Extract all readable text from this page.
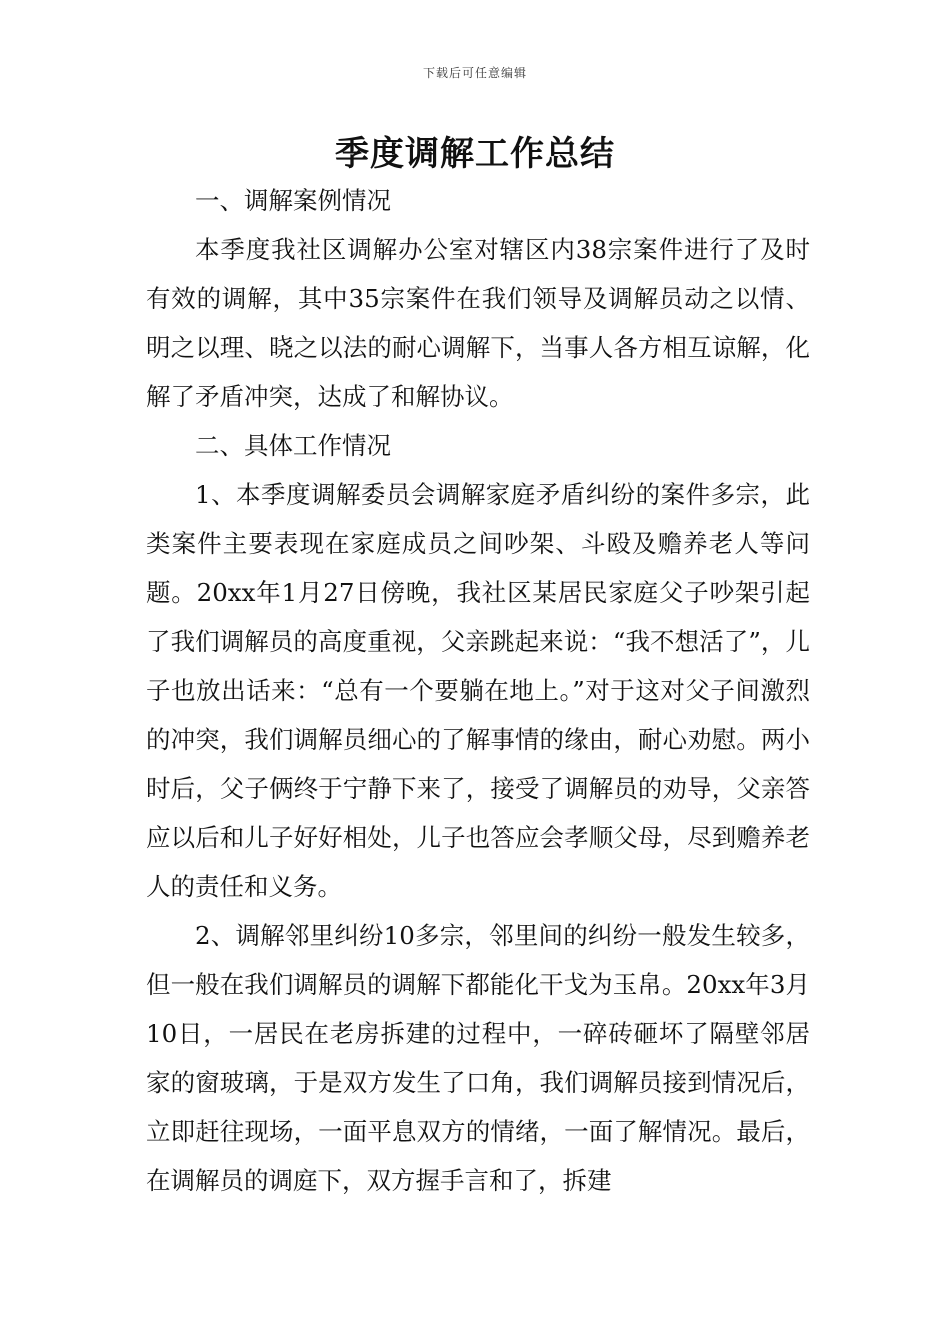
下载后可任意编辑
季度调解工作总结

一、调解案例情况

本季度我社区调解办公室对辖区内38宗案件进行了及时有效的调解，其中35宗案件在我们领导及调解员动之以情、明之以理、晓之以法的耐心调解下，当事人各方相互谅解，化解了矛盾冲突，达成了和解协议。

二、具体工作情况

1、本季度调解委员会调解家庭矛盾纠纷的案件多宗，此类案件主要表现在家庭成员之间吵架、斗殴及赡养老人等问题。20xx年1月27日傍晚，我社区某居民家庭父子吵架引起了我们调解员的高度重视，父亲跳起来说：“我不想活了”，儿子也放出话来：“总有一个要躺在地上。”对于这对父子间激烈的冲突，我们调解员细心的了解事情的缘由，耐心劝慰。两小时后，父子俩终于宁静下来了，接受了调解员的劝导，父亲答应以后和儿子好好相处，儿子也答应会孝顺父母，尽到赡养老人的责任和义务。

2、调解邻里纠纷10多宗，邻里间的纠纷一般发生较多，但一般在我们调解员的调解下都能化干戈为玉帛。20xx年3月10日，一居民在老房拆建的过程中，一碎砖砸坏了隔壁邻居家的窗玻璃，于是双方发生了口角，我们调解员接到情况后，立即赶往现场，一面平息双方的情绪，一面了解情况。最后，在调解员的调庭下，双方握手言和了，拆建
